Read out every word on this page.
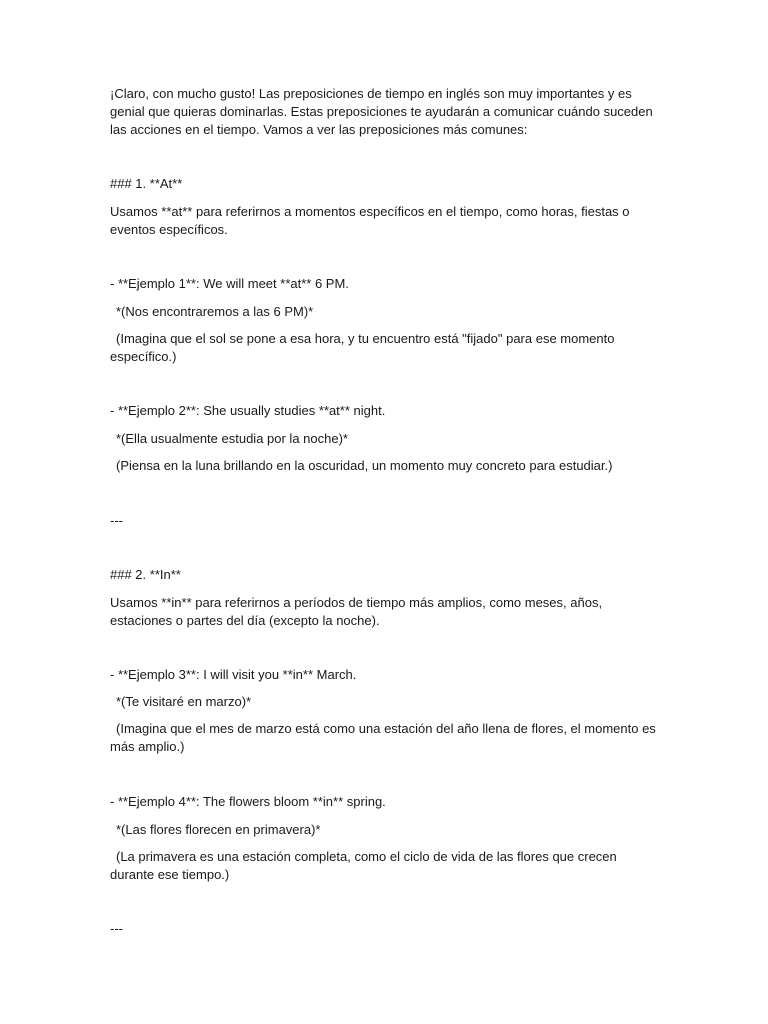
¡Claro, con mucho gusto! Las preposiciones de tiempo en inglés son muy importantes y es genial que quieras dominarlas. Estas preposiciones te ayudarán a comunicar cuándo suceden las acciones en el tiempo. Vamos a ver las preposiciones más comunes:

### 1. **At**

Usamos **at** para referirnos a momentos específicos en el tiempo, como horas, fiestas o eventos específicos.

- **Ejemplo 1**: We will meet **at** 6 PM.

*(Nos encontraremos a las 6 PM)*

(Imagina que el sol se pone a esa hora, y tu encuentro está "fijado" para ese momento específico.)

- **Ejemplo 2**: She usually studies **at** night.

*(Ella usualmente estudia por la noche)*

(Piensa en la luna brillando en la oscuridad, un momento muy concreto para estudiar.)

---

### 2. **In**

Usamos **in** para referirnos a períodos de tiempo más amplios, como meses, años, estaciones o partes del día (excepto la noche).

- **Ejemplo 3**: I will visit you **in** March.

*(Te visitaré en marzo)*

(Imagina que el mes de marzo está como una estación del año llena de flores, el momento es más amplio.)

- **Ejemplo 4**: The flowers bloom **in** spring.

*(Las flores florecen en primavera)*

(La primavera es una estación completa, como el ciclo de vida de las flores que crecen durante ese tiempo.)

---
